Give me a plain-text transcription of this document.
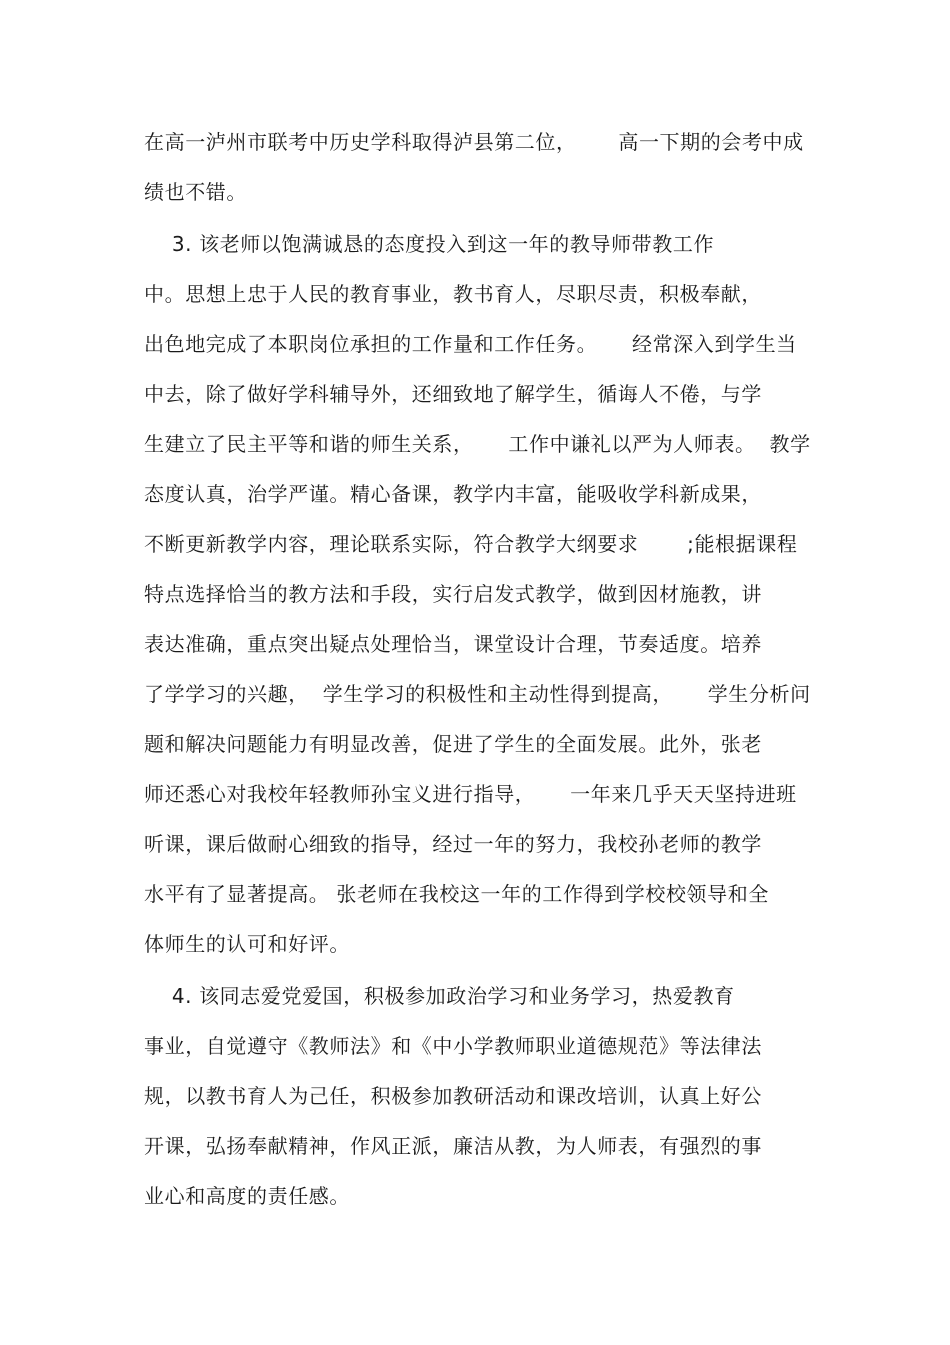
在高一泸州市联考中历史学科取得泸县第二位，      高一下期的会考中成
绩也不错。
3. 该老师以饱满诚恳的态度投入到这一年的教导师带教工作
中。思想上忠于人民的教育事业，教书育人，尽职尽责，积极奉献，
出色地完成了本职岗位承担的工作量和工作任务。     经常深入到学生当
中去，除了做好学科辅导外，还细致地了解学生，循诲人不倦，与学
生建立了民主平等和谐的师生关系，     工作中谦礼以严为人师表。  教学
态度认真，治学严谨。精心备课，教学内丰富，能吸收学科新成果，
不断更新教学内容，理论联系实际，符合教学大纲要求       ;能根据课程
特点选择恰当的教方法和手段，实行启发式教学，做到因材施教，讲
表达准确，重点突出疑点处理恰当，课堂设计合理，节奏适度。培养
了学学习的兴趣，  学生学习的积极性和主动性得到提高，     学生分析问
题和解决问题能力有明显改善，促进了学生的全面发展。此外，张老
师还悉心对我校年轻教师孙宝义进行指导，     一年来几乎天天坚持进班
听课，课后做耐心细致的指导，经过一年的努力，我校孙老师的教学
水平有了显著提高。 张老师在我校这一年的工作得到学校校领导和全
体师生的认可和好评。
4. 该同志爱党爱国，积极参加政治学习和业务学习，热爱教育
事业，自觉遵守《教师法》和《中小学教师职业道德规范》等法律法
规，以教书育人为己任，积极参加教研活动和课改培训，认真上好公
开课，弘扬奉献精神，作风正派，廉洁从教，为人师表，有强烈的事
业心和高度的责任感。
